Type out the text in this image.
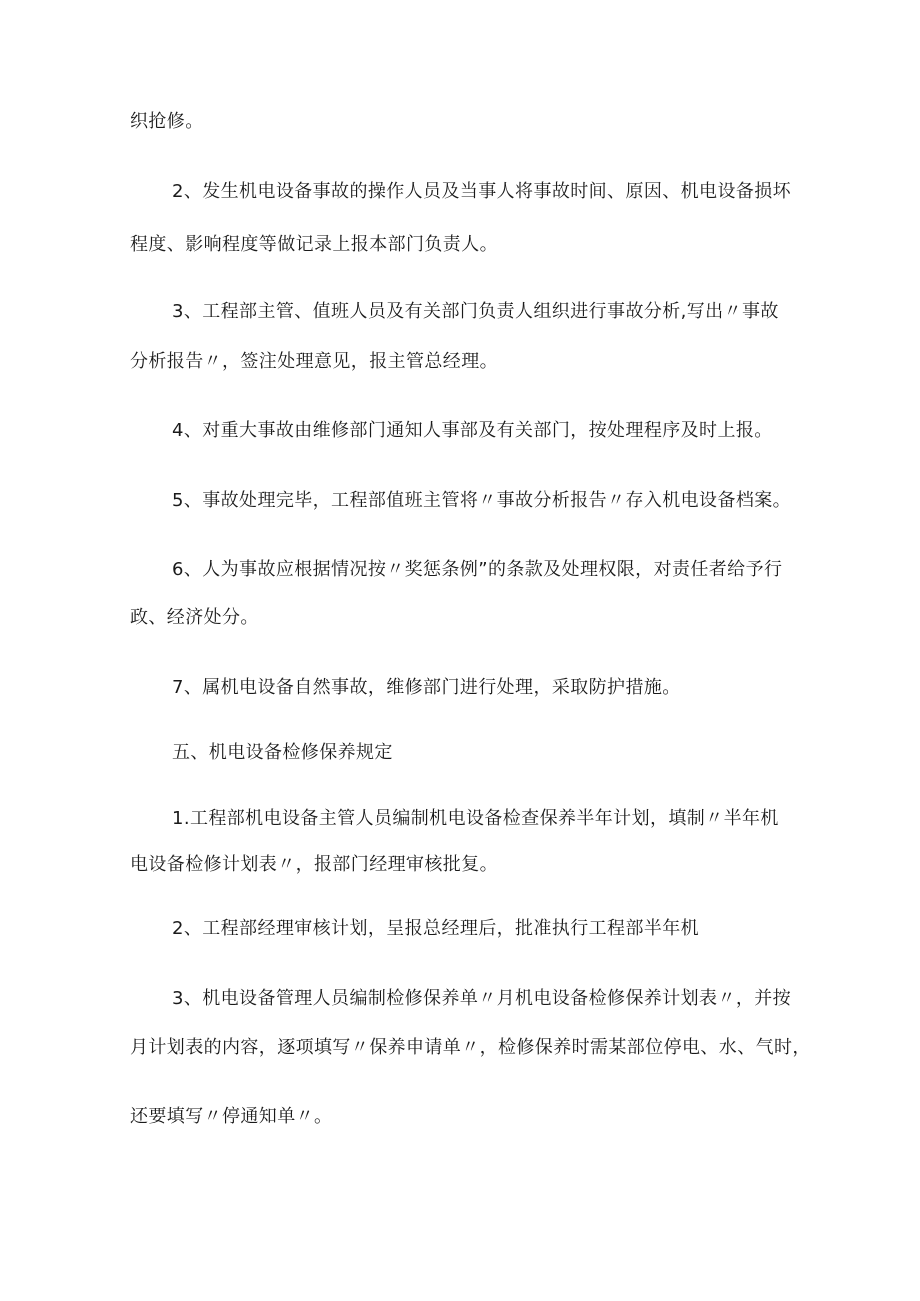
织抢修。
2、发生机电设备事故的操作人员及当事人将事故时间、原因、机电设备损坏
程度、影响程度等做记录上报本部门负责人。
3、工程部主管、值班人员及有关部门负责人组织进行事故分析,写出〃事故
分析报告〃，签注处理意见，报主管总经理。
4、对重大事故由维修部门通知人事部及有关部门，按处理程序及时上报。
5、事故处理完毕，工程部值班主管将〃事故分析报告〃存入机电设备档案。
6、人为事故应根据情况按〃奖惩条例”的条款及处理权限，对责任者给予行
政、经济处分。
7、属机电设备自然事故，维修部门进行处理，采取防护措施。
五、机电设备检修保养规定
1.工程部机电设备主管人员编制机电设备检查保养半年计划，填制〃半年机
电设备检修计划表〃，报部门经理审核批复。
2、工程部经理审核计划，呈报总经理后，批准执行工程部半年机
3、机电设备管理人员编制检修保养单〃月机电设备检修保养计划表〃，并按
月计划表的内容，逐项填写〃保养申请单〃，检修保养时需某部位停电、水、气时，
还要填写〃停通知单〃。
